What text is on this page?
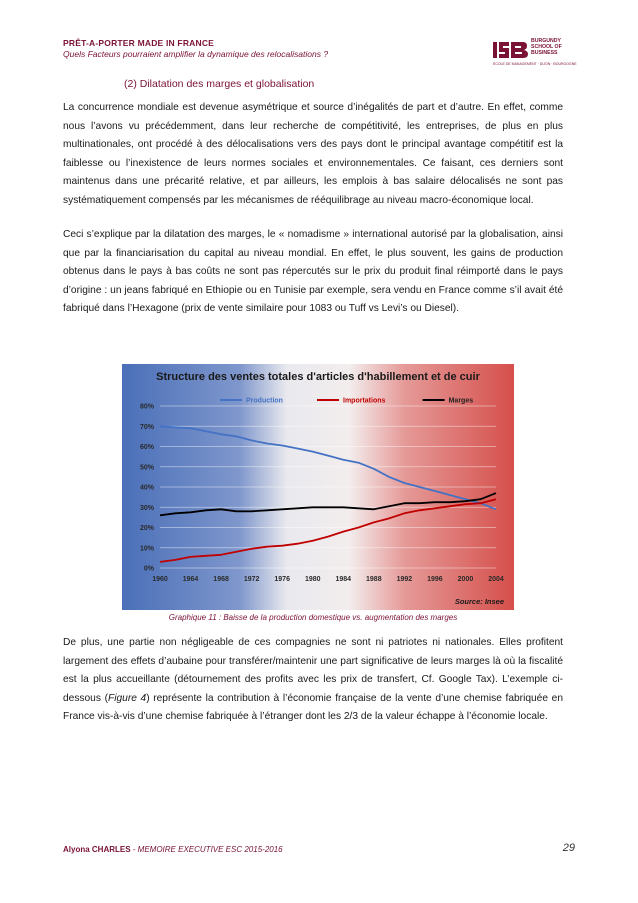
PRÊT-A-PORTER MADE IN FRANCE
Quels Facteurs pourraient amplifier la dynamique des relocalisations ?
BURGUNDY
SCHOOL OF
BUSINESS
ÉCOLE DE MANAGEMENT · DIJON · BOURGOGNE
(2) Dilatation des marges et globalisation
La concurrence mondiale est devenue asymétrique et source d’inégalités de part et d’autre. En effet, comme nous l’avons vu précédemment, dans leur recherche de compétitivité, les entreprises, de plus en plus multinationales, ont procédé à des délocalisations vers des pays dont le principal avantage compétitif est la faiblesse ou l’inexistence de leurs normes sociales et environnementales. Ce faisant, ces derniers sont maintenus dans une précarité relative, et par ailleurs, les emplois à bas salaire délocalisés ne sont pas systématiquement compensés par les mécanismes de rééquilibrage au niveau macro-économique local.
Ceci s’explique par la dilatation des marges, le « nomadisme » international autorisé par la globalisation, ainsi que par la financiarisation du capital au niveau mondial. En effet, le plus souvent, les gains de production obtenus dans le pays à bas coûts ne sont pas répercutés sur le prix du produit final réimporté dans le pays d’origine : un jeans fabriqué en Ethiopie ou en Tunisie par exemple, sera vendu en France comme s’il avait été fabriqué dans l’Hexagone (prix de vente similaire pour 1083 ou Tuff vs Levi’s ou Diesel).
Structure des ventes totales d'articles d'habillement et de cuir
Production	Importations	Marges
0%
10%
20%
30%
40%
50%
60%
70%
80%
1960 1964 1968 1972 1976 1980 1984 1988 1992 1996 2000 2004
Source: Insee
Graphique 11 : Baisse de la production domestique vs. augmentation des marges
De plus, une partie non négligeable de ces compagnies ne sont ni patriotes ni nationales. Elles profitent largement des effets d’aubaine pour transférer/maintenir une part significative de leurs marges là où la fiscalité est la plus accueillante (détournement des profits avec les prix de transfert, Cf. Google Tax). L’exemple ci-dessous (Figure 4) représente la contribution à l’économie française de la vente d’une chemise fabriquée en France vis-à-vis d’une chemise fabriquée à l’étranger dont les 2/3 de la valeur échappe à l’économie locale.
Alyona CHARLES - MEMOIRE EXECUTIVE ESC 2015-2016	29
